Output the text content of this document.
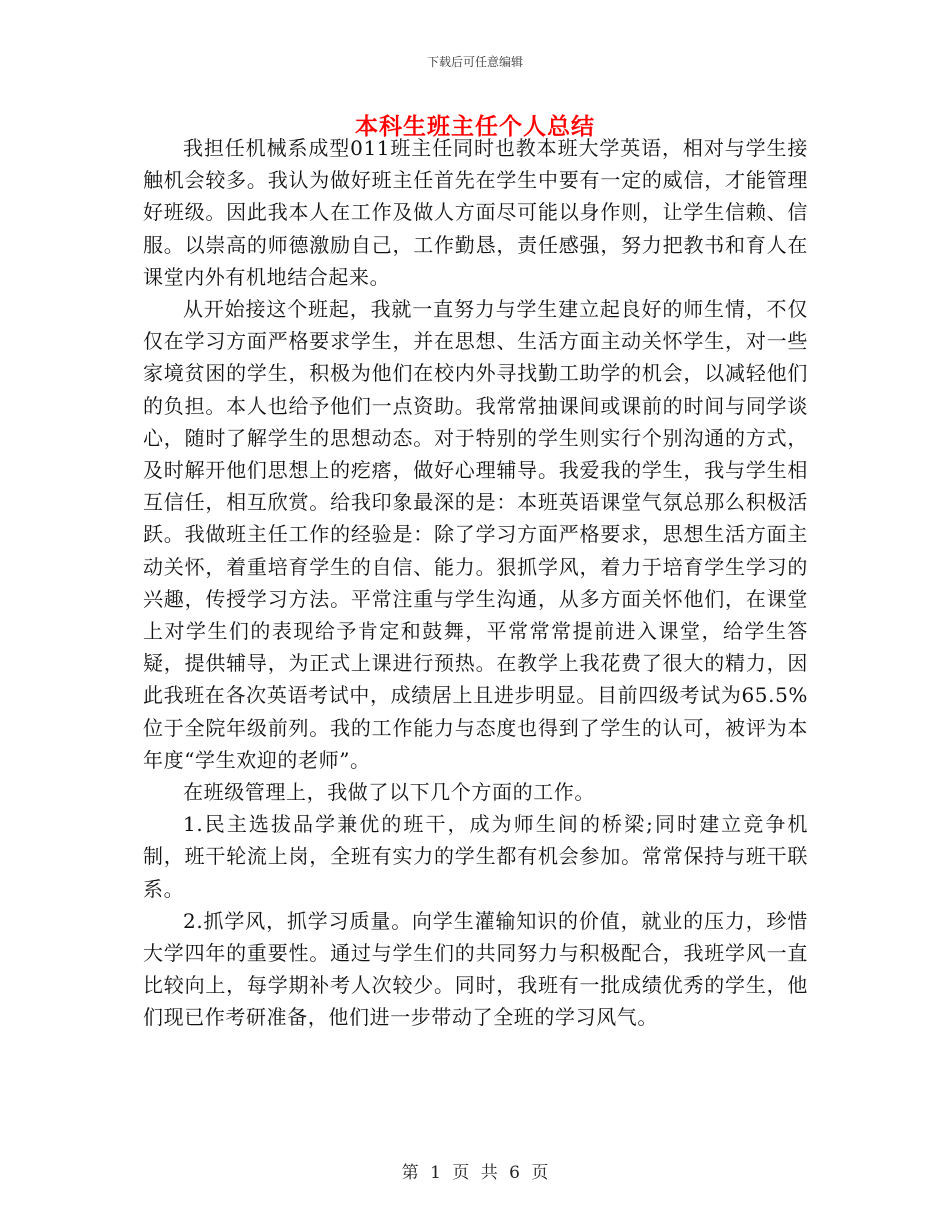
下载后可任意编辑
本科生班主任个人总结

我担任机械系成型011班主任同时也教本班大学英语，相对与学生接触机会较多。我认为做好班主任首先在学生中要有一定的威信，才能管理好班级。因此我本人在工作及做人方面尽可能以身作则，让学生信赖、信服。以崇高的师德激励自己，工作勤恳，责任感强，努力把教书和育人在课堂内外有机地结合起来。

从开始接这个班起，我就一直努力与学生建立起良好的师生情，不仅仅在学习方面严格要求学生，并在思想、生活方面主动关怀学生，对一些家境贫困的学生，积极为他们在校内外寻找勤工助学的机会，以减轻他们的负担。本人也给予他们一点资助。我常常抽课间或课前的时间与同学谈心，随时了解学生的思想动态。对于特别的学生则实行个别沟通的方式，及时解开他们思想上的疙瘩，做好心理辅导。我爱我的学生，我与学生相互信任，相互欣赏。给我印象最深的是：本班英语课堂气氛总那么积极活跃。我做班主任工作的经验是：除了学习方面严格要求，思想生活方面主动关怀，着重培育学生的自信、能力。狠抓学风，着力于培育学生学习的兴趣，传授学习方法。平常注重与学生沟通，从多方面关怀他们，在课堂上对学生们的表现给予肯定和鼓舞，平常常常提前进入课堂，给学生答疑，提供辅导，为正式上课进行预热。在教学上我花费了很大的精力，因此我班在各次英语考试中，成绩居上且进步明显。目前四级考试为65.5%位于全院年级前列。我的工作能力与态度也得到了学生的认可，被评为本年度“学生欢迎的老师”。

在班级管理上，我做了以下几个方面的工作。

1.民主选拔品学兼优的班干，成为师生间的桥梁;同时建立竞争机制，班干轮流上岗，全班有实力的学生都有机会参加。常常保持与班干联系。

2.抓学风，抓学习质量。向学生灌输知识的价值，就业的压力，珍惜大学四年的重要性。通过与学生们的共同努力与积极配合，我班学风一直比较向上，每学期补考人次较少。同时，我班有一批成绩优秀的学生，他们现已作考研准备，他们进一步带动了全班的学习风气。

第 1 页 共 6 页
